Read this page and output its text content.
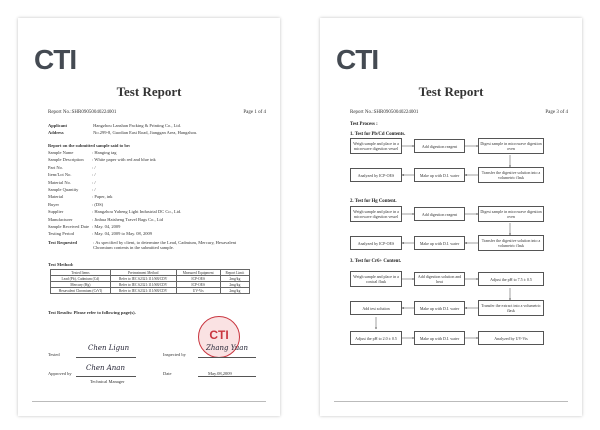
CTI
Test Report
Report No.:SHR09050040224001	Page 1 of 4
Applicant	Hangzhou Lanshan Packing & Printing Co., Ltd.
Address	No.299-8, Guodian East Road, Jianggan Area, Hangzhou.
Report on the submitted sample said to be:
Sample Name	: Hanging tag
Sample Description : White paper with red and blue ink
Part No.	: /
Item/Lot No.	: /
Material No.	: /
Sample Quantity	: /
Material	: Paper, ink
Buyer	: (DS)
Supplier	: Hangzhou Yuheng Light Industrial DC Co., Ltd.
Manufacturer	: Jinhua Haisheng Travel Bags Co., Ltd
Sample Received Date : May. 04, 2009
Testing Period	: May. 04, 2009 to May. 08, 2009
Test Requested	: As specified by client, to determine the Lead, Cadmium, Mercury, Hexavalent Chromium contents in the submitted sample.
Test Method:
Tested Items	Pretreatment Method	Measured Equipment	Report Limit
Lead (Pb), Cadmium (Cd)	Refer to IEC 62321:111/SB/CDV	ICP-OES	2mg/kg
Mercury (Hg)	Refer to IEC 62321:111/SB/CDV	ICP-OES	2mg/kg
Hexavalent Chromium (CrVI)	Refer to IEC 62321:111/SB/CDV	UV-Vis	2mg/kg
Test Results: Please refer to following page(s).
CTI
Tested
Chen Ligun
Inspected by
Zhang Yuan
Approved by
Chen Anan
Technical Manager
Date	May.08,2009
CTI
Test Report
Report No.:SHR09050040224001	Page 3 of 4
Test Process :
1. Test for Pb/Cd Contents.
Weigh sample and place in a microwave digestion vessel	Add digestion reagent	Digest sample in microwave digestion oven
Transfer the digestive solution into a volumetric flask
Make up with D.I. water
Analyzed by ICP-OES
2. Test for Hg Content.
Weigh sample and place in a microwave digestion vessel	Add digestion reagent	Digest sample in microwave digestion oven
Transfer the digestive solution into a volumetric flask
Make up with D.I. water
Analyzed by ICP-OES
3. Test for Cr6+ Content.
Weigh sample and place in a conical flask
Add digestion solution and heat	Adjust the pH to 7.5 ± 0.5
Transfer the extract into a volumetric flask
Make up with D.I. water
Add test solution
Adjust the pH to 2.0 ± 0.5	Make up with D.I. water	Analyzed by UV-Vis
